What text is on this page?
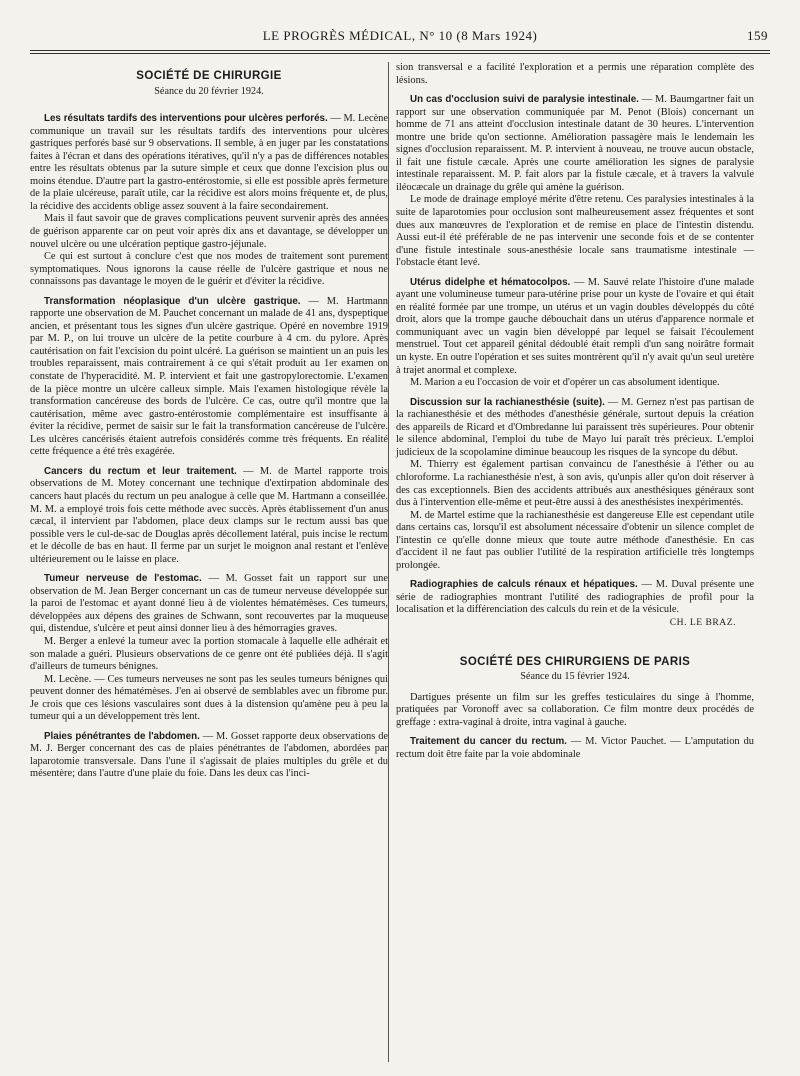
LE PROGRÈS MÉDICAL, N° 10 (8 Mars 1924)	159
SOCIÉTÉ DE CHIRURGIE
Séance du 20 février 1924.

Les résultats tardifs des interventions pour ulcères perforés. — M. Lecène communique un travail sur les résultats tardifs des interventions pour ulcères gastriques perforés basé sur 9 observations. Il semble, à en juger par les constatations faites à l'écran et dans des opérations itératives, qu'il n'y a pas de différences notables entre les résultats obtenus par la suture simple et ceux que donne l'excision plus ou moins étendue. D'autre part la gastro-entérostomie, si elle est possible après fermeture de la plaie ulcéreuse, paraît utile, car la récidive est alors moins fréquente et, de plus, la récidive des accidents oblige assez souvent à la faire secondairement.

Mais il faut savoir que de graves complications peuvent survenir après des années de guérison apparente car on peut voir après dix ans et davantage, se développer un nouvel ulcère ou une ulcération peptique gastro-jéjunale.

Ce qui est surtout à conclure c'est que nos modes de traitement sont purement symptomatiques. Nous ignorons la cause réelle de l'ulcère gastrique et nous ne connaissons pas davantage le moyen de le guérir et d'éviter la récidive.

Transformation néoplasique d'un ulcère gastrique. — M. Hartmann rapporte une observation de M. Pauchet concernant un malade de 41 ans, dyspeptique ancien, et présentant tous les signes d'un ulcère gastrique. Opéré en novembre 1919 par M. P., on lui trouve un ulcère de la petite courbure à 4 cm. du pylore. Après cautérisation on fait l'excision du point ulcéré. La guérison se maintient un an puis les troubles reparaissent, mais contrairement à ce qui s'était produit au 1er examen on constate de l'hyperacidité. M. P. intervient et fait une gastropylorectomie. L'examen de la pièce montre un ulcère calleux simple. Mais l'examen histologique révèle la transformation cancéreuse des bords de l'ulcère. Ce cas, outre qu'il montre que la cautérisation, même avec gastro-entérostomie complémentaire est insuffisante à éviter la récidive, permet de saisir sur le fait la transformation cancéreuse de l'ulcère. Les ulcères cancérisés étaient autrefois considérés comme très fréquents. En réalité cette fréquence a été très exagérée.

Cancers du rectum et leur traitement. — M. de Martel rapporte trois observations de M. Motey concernant une technique d'extirpation abdominale des cancers haut placés du rectum un peu analogue à celle que M. Hartmann a conseillée. M. M. a employé trois fois cette méthode avec succès. Après établissement d'un anus cæcal, il intervient par l'abdomen, place deux clamps sur le rectum aussi bas que possible vers le cul-de-sac de Douglas après décollement latéral, puis incise le rectum et le décolle de bas en haut. Il ferme par un surjet le moignon anal restant et l'enlève ultérieurement ou le laisse en place.

Tumeur nerveuse de l'estomac. — M. Gosset fait un rapport sur une observation de M. Jean Berger concernant un cas de tumeur nerveuse développée sur la paroi de l'estomac et ayant donné lieu à de violentes hématémèses. Ces tumeurs, développées aux dépens des graines de Schwann, sont recouvertes par la muqueuse qui, distendue, s'ulcère et peut ainsi donner lieu à des hémorragies graves.

M. Berger a enlevé la tumeur avec la portion stomacale à laquelle elle adhérait et son malade a guéri. Plusieurs observations de ce genre ont été publiées déjà. Il s'agit d'ailleurs de tumeurs bénignes.

M. Lecène. — Ces tumeurs nerveuses ne sont pas les seules tumeurs bénignes qui peuvent donner des hématémèses. J'en ai observé de semblables avec un fibrome pur. Je crois que ces lésions vasculaires sont dues à la distension qu'amène peu à peu la tumeur qui a un développement très lent.

Plaies pénétrantes de l'abdomen. — M. Gosset rapporte deux observations de M. J. Berger concernant des cas de plaies pénétrantes de l'abdomen, abordées par laparotomie transversale. Dans l'une il s'agissait de plaies multiples du grêle et du mésentère; dans l'autre d'une plaie du foie. Dans les deux cas l'inci-

sion transversal e a facilité l'exploration et a permis une réparation complète des lésions.

Un cas d'occlusion suivi de paralysie intestinale. — M. Baumgartner fait un rapport sur une observation communiquée par M. Penot (Blois) concernant un homme de 71 ans atteint d'occlusion intestinale datant de 30 heures. L'intervention montre une bride qu'on sectionne. Amélioration passagère mais le lendemain les signes d'occlusion reparaissent. M. P. intervient à nouveau, ne trouve aucun obstacle, il fait une fistule cæcale. Après une courte amélioration les signes de paralysie intestinale reparaissent. M. P. fait alors par la fistule cæcale, et à travers la valvule iléocæcale un drainage du grêle qui amène la guérison.

Le mode de drainage employé mérite d'être retenu. Ces paralysies intestinales à la suite de laparotomies pour occlusion sont malheureusement assez fréquentes et sont dues aux manœuvres de l'exploration et de remise en place de l'intestin distendu. Aussi eut-il été préférable de ne pas intervenir une seconde fois et de se contenter d'une fistule intestinale sous-anesthésie locale sans traumatisme intestinale — l'obstacle étant levé.

Utérus didelphe et hématocolpos. — M. Sauvé relate l'histoire d'une malade ayant une volumineuse tumeur para-utérine prise pour un kyste de l'ovaire et qui était en réalité formée par une trompe, un utérus et un vagin doubles développés du côté droit, alors que la trompe gauche débouchait dans un utérus d'apparence normale et communiquant avec un vagin bien développé par lequel se faisait l'écoulement menstruel. Tout cet appareil génital dédoublé était rempli d'un sang noirâtre formait un kyste. En outre l'opération et ses suites montrèrent qu'il n'y avait qu'un seul uretère à trajet anormal et complexe.

M. Marion a eu l'occasion de voir et d'opérer un cas absolument identique.

Discussion sur la rachianesthésie (suite). — M. Gernez n'est pas partisan de la rachianesthésie et des méthodes d'anesthésie générale, surtout depuis la création des appareils de Ricard et d'Ombredanne lui paraissent très supérieures. Pour obtenir le silence abdominal, l'emploi du tube de Mayo lui paraît très précieux. L'emploi judicieux de la scopolamine diminue beaucoup les risques de la syncope du début.

M. Thierry est également partisan convaincu de l'anesthésie à l'éther ou au chloroforme. La rachianesthésie n'est, à son avis, qu'unpis aller qu'on doit réserver à des cas exceptionnels. Bien des accidents attribués aux anesthésiques généraux sont dus à l'intervention elle-même et peut-être aussi à des anesthésistes inexpérimentés.

M. de Martel estime que la rachianesthésie est dangereuse Elle est cependant utile dans certains cas, lorsqu'il est absolument nécessaire d'obtenir un silence complet de l'intestin ce qu'elle donne mieux que toute autre méthode d'anesthésie. En cas d'accident il ne faut pas oublier l'utilité de la respiration artificielle très longtemps prolongée.

Radiographies de calculs rénaux et hépatiques. — M. Duval présente une série de radiographies montrant l'utilité des radiographies de profil pour la localisation et la différenciation des calculs du rein et de la vésicule.

CH. LE BRAZ.
SOCIÉTÉ DES CHIRURGIENS DE PARIS
Séance du 15 février 1924.

Dartigues présente un film sur les greffes testiculaires du singe à l'homme, pratiquées par Voronoff avec sa collaboration. Ce film montre deux procédés de greffage : extra-vaginal à droite, intra vaginal à gauche.

Traitement du cancer du rectum. — M. Victor Pauchet. — L'amputation du rectum doit être faite par la voie abdominale
